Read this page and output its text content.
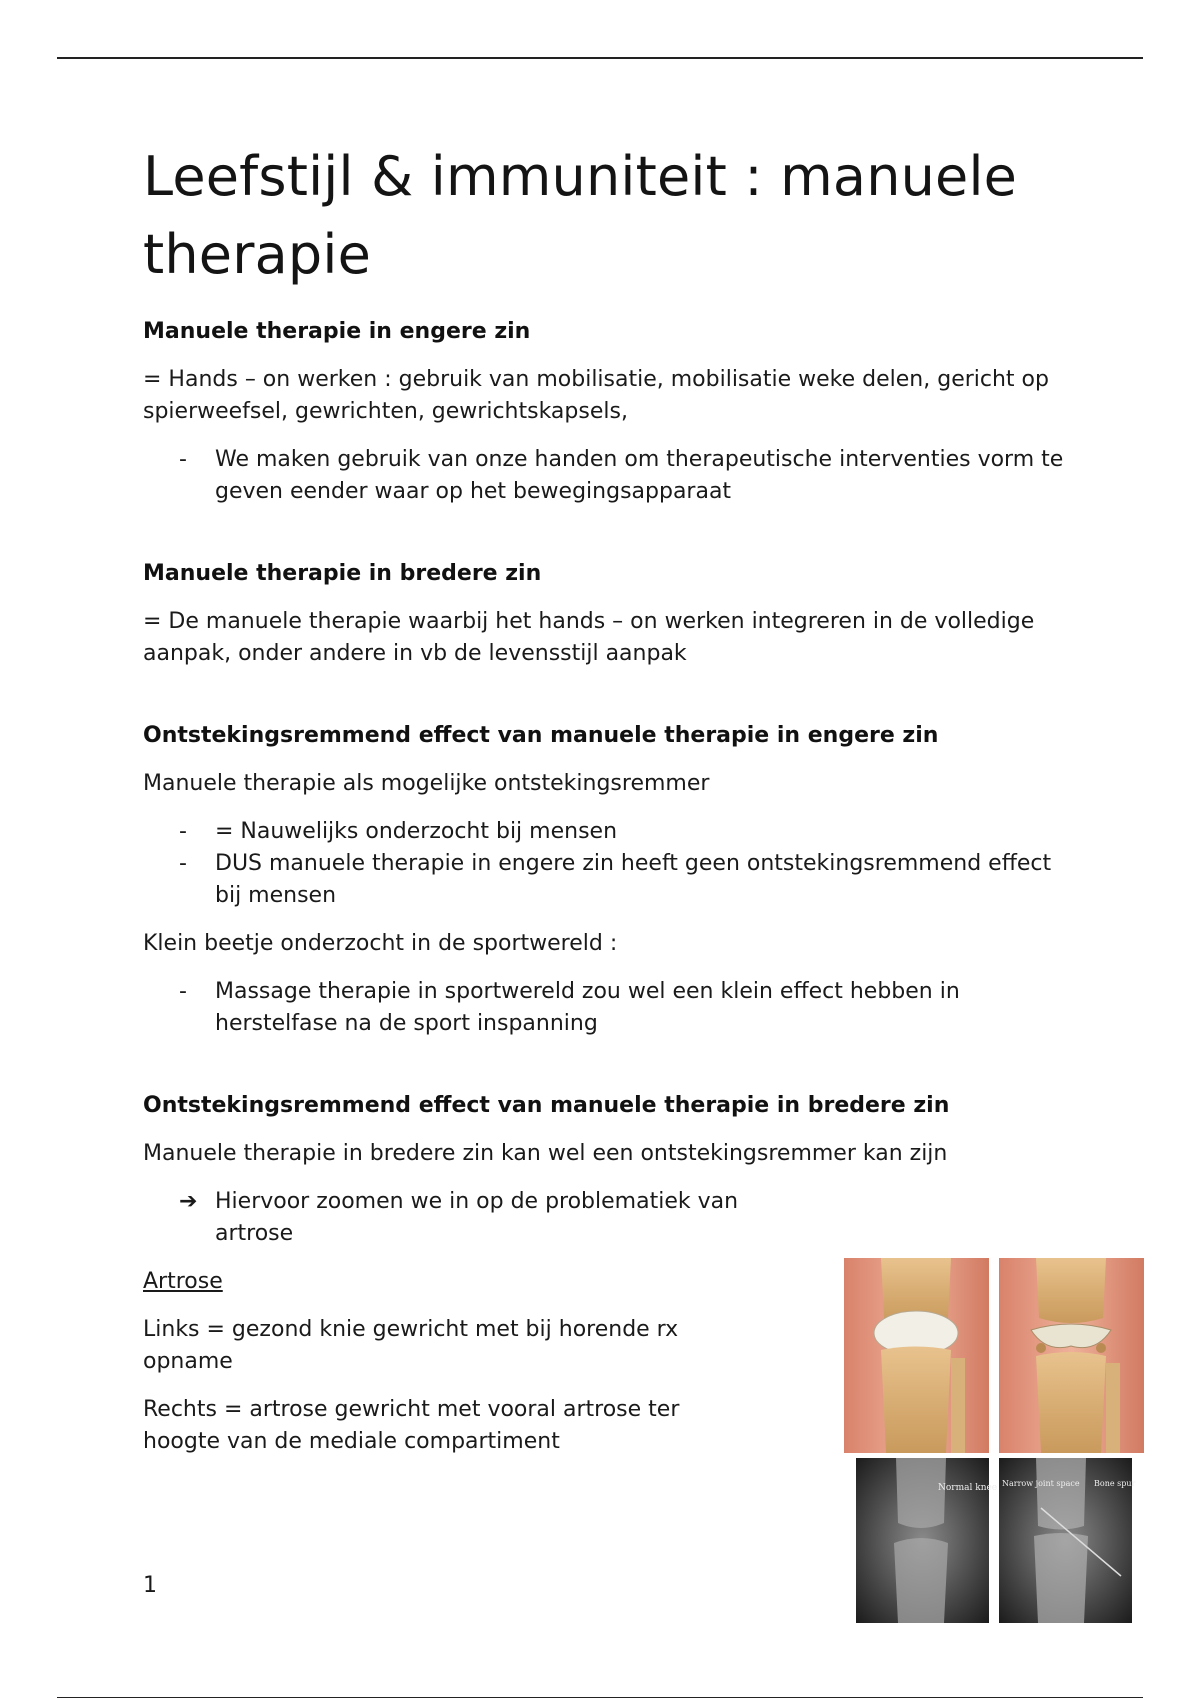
Leefstijl & immuniteit : manuele therapie
Manuele therapie in engere zin

= Hands – on werken : gebruik van mobilisatie, mobilisatie weke delen, gericht op spierweefsel, gewrichten, gewrichtskapsels,

-	We maken gebruik van onze handen om therapeutische interventies vorm te geven eender waar op het bewegingsapparaat
Manuele therapie in bredere zin

= De manuele therapie waarbij het hands – on werken integreren in de volledige aanpak, onder andere in vb de levensstijl aanpak

Ontstekingsremmend effect van manuele therapie in engere zin

Manuele therapie als mogelijke ontstekingsremmer

-	= Nauwelijks onderzocht bij mensen
-	DUS manuele therapie in engere zin heeft geen ontstekingsremmend effect bij mensen

Klein beetje onderzocht in de sportwereld :

-	Massage therapie in sportwereld zou wel een klein effect hebben in herstelfase na de sport inspanning
Ontstekingsremmend effect van manuele therapie in bredere zin

Manuele therapie in bredere zin kan wel een ontstekingsremmer kan zijn

➔ Hiervoor zoomen we in op de problematiek van artrose

Artrose

Links = gezond knie gewricht met bij horende rx opname

Rechts = artrose gewricht met vooral artrose ter hoogte van de mediale compartiment

Normal knee Narrow joint space Bone spur
1
